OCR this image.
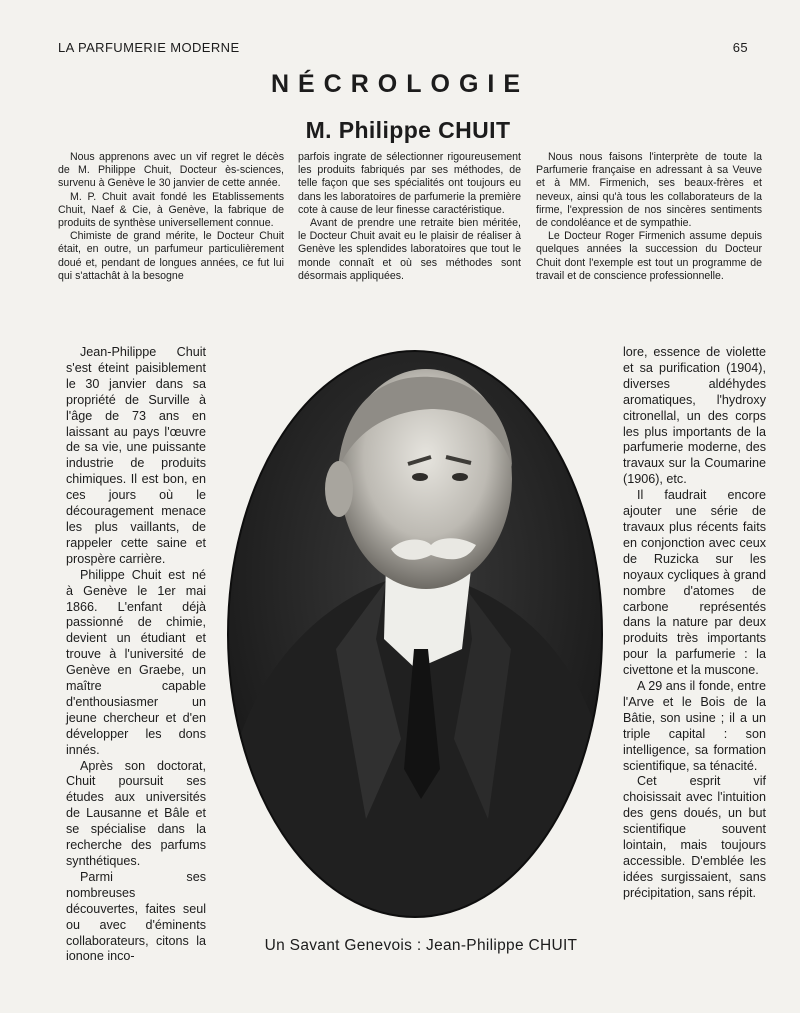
LA PARFUMERIE MODERNE	65
NÉCROLOGIE
M. Philippe CHUIT

Nous apprenons avec un vif regret le décès de M. Philippe Chuit, Docteur ès-sciences, survenu à Genève le 30 janvier de cette année.

M. P. Chuit avait fondé les Etablissements Chuit, Naef & Cie, à Genève, la fabrique de produits de synthèse universellement connue.

Chimiste de grand mérite, le Docteur Chuit était, en outre, un parfumeur particulièrement doué et, pendant de longues années, ce fut lui qui s'attachât à la besogne

parfois ingrate de sélectionner rigoureusement les produits fabriqués par ses méthodes, de telle façon que ses spécialités ont toujours eu dans les laboratoires de parfumerie la première cote à cause de leur finesse caractéristique.

Avant de prendre une retraite bien méritée, le Docteur Chuit avait eu le plaisir de réaliser à Genève les splendides laboratoires que tout le monde connaît et où ses méthodes sont désormais appliquées.

Nous nous faisons l'interprète de toute la Parfumerie française en adressant à sa Veuve et à MM. Firmenich, ses beaux-frères et neveux, ainsi qu'à tous les collaborateurs de la firme, l'expression de nos sincères sentiments de condoléance et de sympathie.

Le Docteur Roger Firmenich assume depuis quelques années la succession du Docteur Chuit dont l'exemple est tout un programme de travail et de conscience professionnelle.

Jean-Philippe Chuit s'est éteint paisiblement le 30 janvier dans sa propriété de Surville à l'âge de 73 ans en laissant au pays l'œuvre de sa vie, une puissante industrie de produits chimiques. Il est bon, en ces jours où le découragement menace les plus vaillants, de rappeler cette saine et prospère carrière.

Philippe Chuit est né à Genève le 1er mai 1866. L'enfant déjà passionné de chimie, devient un étudiant et trouve à l'université de Genève en Graebe, un maître capable d'enthousiasmer un jeune chercheur et d'en développer les dons innés.

Après son doctorat, Chuit poursuit ses études aux universités de Lausanne et Bâle et se spécialise dans la recherche des parfums synthétiques.

Parmi ses nombreuses découvertes, faites seul ou avec d'éminents collaborateurs, citons la ionone inco-

lore, essence de violette et sa purification (1904), diverses aldéhydes aromatiques, l'hydroxy citronellal, un des corps les plus importants de la parfumerie moderne, des travaux sur la Coumarine (1906), etc.

Il faudrait encore ajouter une série de travaux plus récents faits en conjonction avec ceux de Ruzicka sur les noyaux cycliques à grand nombre d'atomes de carbone représentés dans la nature par deux produits très importants pour la parfumerie : la civettone et la muscone.

A 29 ans il fonde, entre l'Arve et le Bois de la Bâtie, son usine ; il a un triple capital : son intelligence, sa formation scientifique, sa ténacité.

Cet esprit vif choisissait avec l'intuition des gens doués, un but scientifique souvent lointain, mais toujours accessible. D'emblée les idées surgissaient, sans précipitation, sans répit.

Un Savant Genevois : Jean-Philippe CHUIT
